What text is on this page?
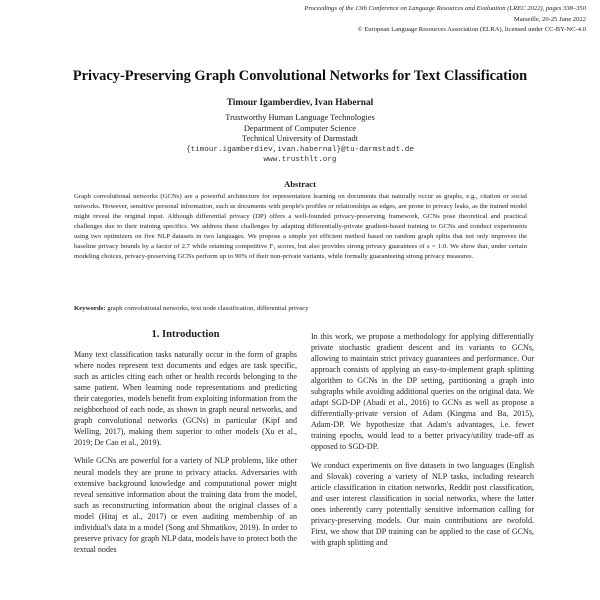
Proceedings of the 13th Conference on Language Resources and Evaluation (LREC 2022), pages 338–350
Marseille, 20-25 June 2022
© European Language Resources Association (ELRA), licensed under CC-BY-NC-4.0
Privacy-Preserving Graph Convolutional Networks for Text Classification
Timour Igamberdiev, Ivan Habernal
Trustworthy Human Language Technologies
Department of Computer Science
Technical University of Darmstadt
{timour.igamberdiev,ivan.habernal}@tu-darmstadt.de
www.trusthlt.org
Abstract
Graph convolutional networks (GCNs) are a powerful architecture for representation learning on documents that naturally occur as graphs, e.g., citation or social networks. However, sensitive personal information, such as documents with people's profiles or relationships as edges, are prone to privacy leaks, as the trained model might reveal the original input. Although differential privacy (DP) offers a well-founded privacy-preserving framework, GCNs pose theoretical and practical challenges due to their training specifics. We address these challenges by adapting differentially-private gradient-based training to GCNs and conduct experiments using two optimizers on five NLP datasets in two languages. We propose a simple yet efficient method based on random graph splits that not only improves the baseline privacy bounds by a factor of 2.7 while retaining competitive F₁ scores, but also provides strong privacy guarantees of ε = 1.0. We show that, under certain modeling choices, privacy-preserving GCNs perform up to 90% of their non-private variants, while formally guaranteeing strong privacy measures.
Keywords: graph convolutional networks, text node classification, differential privacy
1. Introduction

Many text classification tasks naturally occur in the form of graphs where nodes represent text documents and edges are task specific, such as articles citing each other or health records belonging to the same patient. When learning node representations and predicting their categories, models benefit from exploiting information from the neighborhood of each node, as shown in graph neural networks, and graph convolutional networks (GCNs) in particular (Kipf and Welling, 2017), making them superior to other models (Xu et al., 2019; De Cao et al., 2019).

While GCNs are powerful for a variety of NLP problems, like other neural models they are prone to privacy attacks. Adversaries with extensive background knowledge and computational power might reveal sensitive information about the training data from the model, such as reconstructing information about the original classes of a model (Hitaj et al., 2017) or even auditing membership of an individual's data in a model (Song and Shmatikov, 2019). In order to preserve privacy for graph NLP data, models have to protect both the textual nodes

In this work, we propose a methodology for applying differentially private stochastic gradient descent and its variants to GCNs, allowing to maintain strict privacy guarantees and performance. Our approach consists of applying an easy-to-implement graph splitting algorithm to GCNs in the DP setting, partitioning a graph into subgraphs while avoiding additional queries on the original data. We adapt SGD-DP (Abadi et al., 2016) to GCNs as well as propose a differentially-private version of Adam (Kingma and Ba, 2015), Adam-DP. We hypothesize that Adam's advantages, i.e. fewer training epochs, would lead to a better privacy/utility trade-off as opposed to SGD-DP.

We conduct experiments on five datasets in two languages (English and Slovak) covering a variety of NLP tasks, including research article classification in citation networks, Reddit post classification, and user interest classification in social networks, where the latter ones inherently carry potentially sensitive information calling for privacy-preserving models. Our main contributions are twofold. First, we show that DP training can be applied to the case of GCNs, with graph splitting and
